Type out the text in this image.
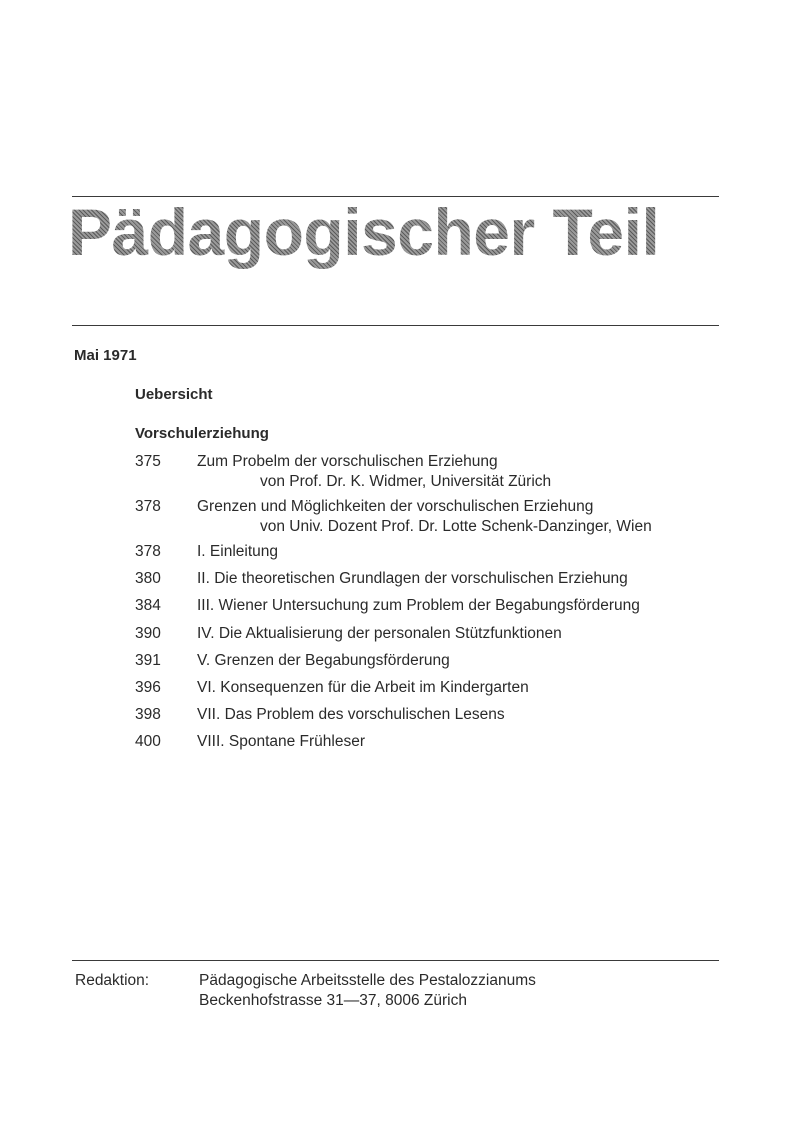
Pädagogischer Teil
Mai 1971
Uebersicht
Vorschulerziehung
375	Zum Probelm der vorschulischen Erziehung
von Prof. Dr. K. Widmer, Universität Zürich
378	Grenzen und Möglichkeiten der vorschulischen Erziehung
von Univ. Dozent Prof. Dr. Lotte Schenk-Danzinger, Wien
378	I. Einleitung
380	II. Die theoretischen Grundlagen der vorschulischen Erziehung
384	III. Wiener Untersuchung zum Problem der Begabungsförderung
390	IV. Die Aktualisierung der personalen Stützfunktionen
391	V. Grenzen der Begabungsförderung
396	VI. Konsequenzen für die Arbeit im Kindergarten
398	VII. Das Problem des vorschulischen Lesens
400	VIII. Spontane Frühleser
Redaktion:	Pädagogische Arbeitsstelle des Pestalozzianums
Beckenhofstrasse 31—37, 8006 Zürich
